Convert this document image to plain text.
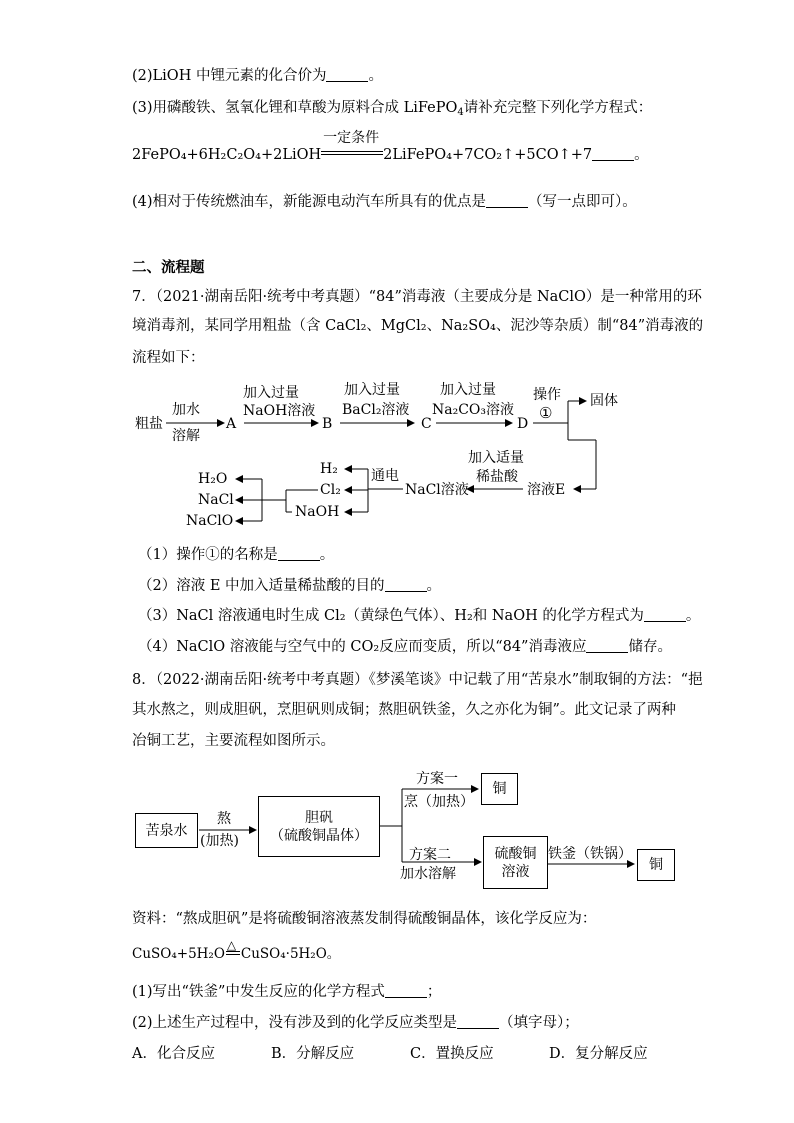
(2)LiOH 中锂元素的化合价为	。
(3)用磷酸铁、氢氧化锂和草酸为原料合成 LiFePO$_4$请补充完整下列化学方程式：
2FePO₄+6H₂C₂O₄+2LiOH
一定条件
2LiFePO₄+7CO₂↑+5CO↑+7	。
(4)相对于传统燃油车，新能源电动汽车所具有的优点是	（写一点即可）。
二、流程题
7．（2021·湖南岳阳·统考中考真题）“84”消毒液（主要成分是 NaClO）是一种常用的环
境消毒剂，某同学用粗盐（含 CaCl₂、MgCl₂、Na₂SO₄、泥沙等杂质）制“84”消毒液的
流程如下：
粗盐
加水
溶解
A
加入过量
NaOH溶液
B
加入过量
BaCl₂溶液
C
加入过量
Na₂CO₃溶液
D
操作
①
固体
加入适量
稀盐酸
溶液E
NaCl溶液
通电
H₂
Cl₂
NaOH
H₂O
NaCl
NaClO
（1）操作①的名称是	。
（2）溶液 E 中加入适量稀盐酸的目的	。
（3）NaCl 溶液通电时生成 Cl₂（黄绿色气体）、H₂和 NaOH 的化学方程式为	。
（4）NaClO 溶液能与空气中的 CO₂反应而变质，所以“84”消毒液应	储存。
8．（2022·湖南岳阳·统考中考真题）《梦溪笔谈》中记载了用“苦泉水”制取铜的方法：“挹
其水熬之，则成胆矾，烹胆矾则成铜；熬胆矾铁釜，久之亦化为铜”。此文记录了两种
冶铜工艺，主要流程如图所示。
苦泉水
熬
(加热)
胆矾
（硫酸铜晶体）
方案一
烹（加热）
铜
方案二
加水溶解
硫酸铜
溶液
铁釜（铁锅）
铜
资料：“熬成胆矾”是将硫酸铜溶液蒸发制得硫酸铜晶体，该化学反应为：
CuSO₄+5H₂O
△
CuSO₄·5H₂O。
(1)写出“铁釜”中发生反应的化学方程式	；
(2)上述生产过程中，没有涉及到的化学反应类型是	（填字母）；
A．化合反应	B．分解反应	C．置换反应	D．复分解反应
